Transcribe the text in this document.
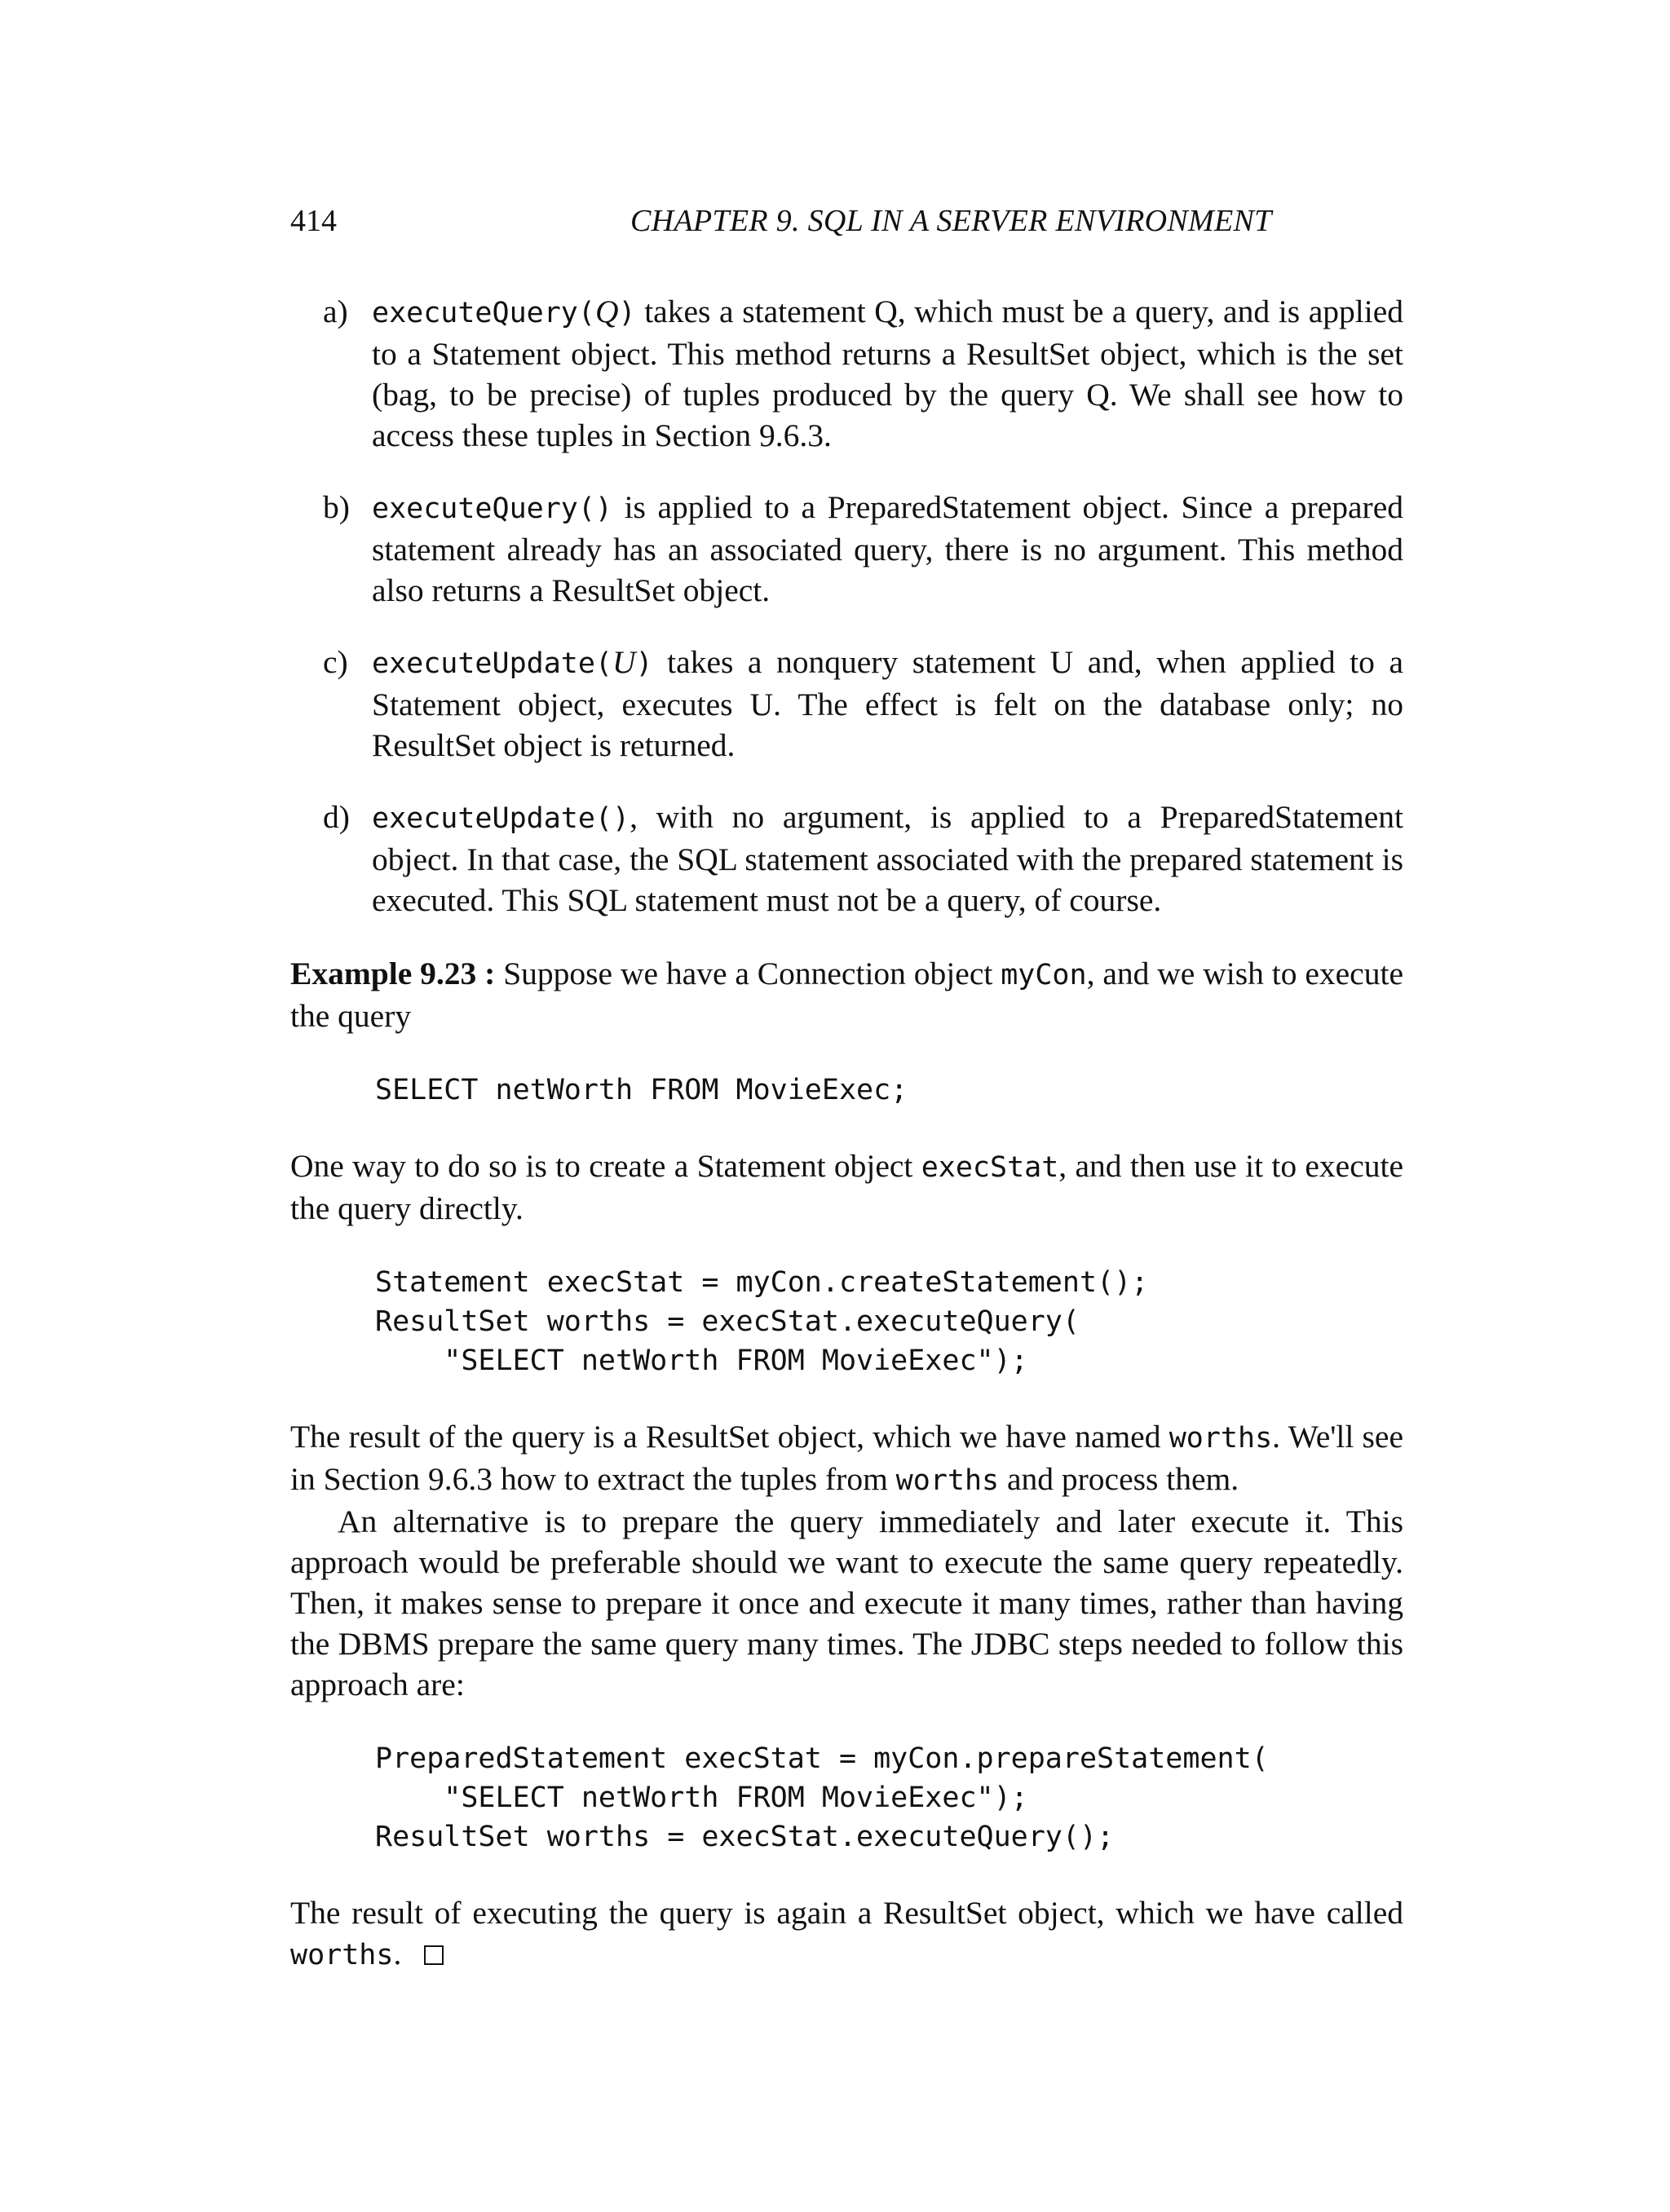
414	CHAPTER 9. SQL IN A SERVER ENVIRONMENT
a) executeQuery(Q) takes a statement Q, which must be a query, and is applied to a Statement object. This method returns a ResultSet object, which is the set (bag, to be precise) of tuples produced by the query Q. We shall see how to access these tuples in Section 9.6.3.
b) executeQuery() is applied to a PreparedStatement object. Since a prepared statement already has an associated query, there is no argument. This method also returns a ResultSet object.
c) executeUpdate(U) takes a nonquery statement U and, when applied to a Statement object, executes U. The effect is felt on the database only; no ResultSet object is returned.
d) executeUpdate(), with no argument, is applied to a PreparedStatement object. In that case, the SQL statement associated with the prepared statement is executed. This SQL statement must not be a query, of course.

Example 9.23 : Suppose we have a Connection object myCon, and we wish to execute the query

SELECT netWorth FROM MovieExec;

One way to do so is to create a Statement object execStat, and then use it to execute the query directly.

Statement execStat = myCon.createStatement();
ResultSet worths = execStat.executeQuery(
"SELECT netWorth FROM MovieExec");

The result of the query is a ResultSet object, which we have named worths. We'll see in Section 9.6.3 how to extract the tuples from worths and process them.

An alternative is to prepare the query immediately and later execute it. This approach would be preferable should we want to execute the same query repeatedly. Then, it makes sense to prepare it once and execute it many times, rather than having the DBMS prepare the same query many times. The JDBC steps needed to follow this approach are:

PreparedStatement execStat = myCon.prepareStatement(
"SELECT netWorth FROM MovieExec");
ResultSet worths = execStat.executeQuery();

The result of executing the query is again a ResultSet object, which we have called worths.
